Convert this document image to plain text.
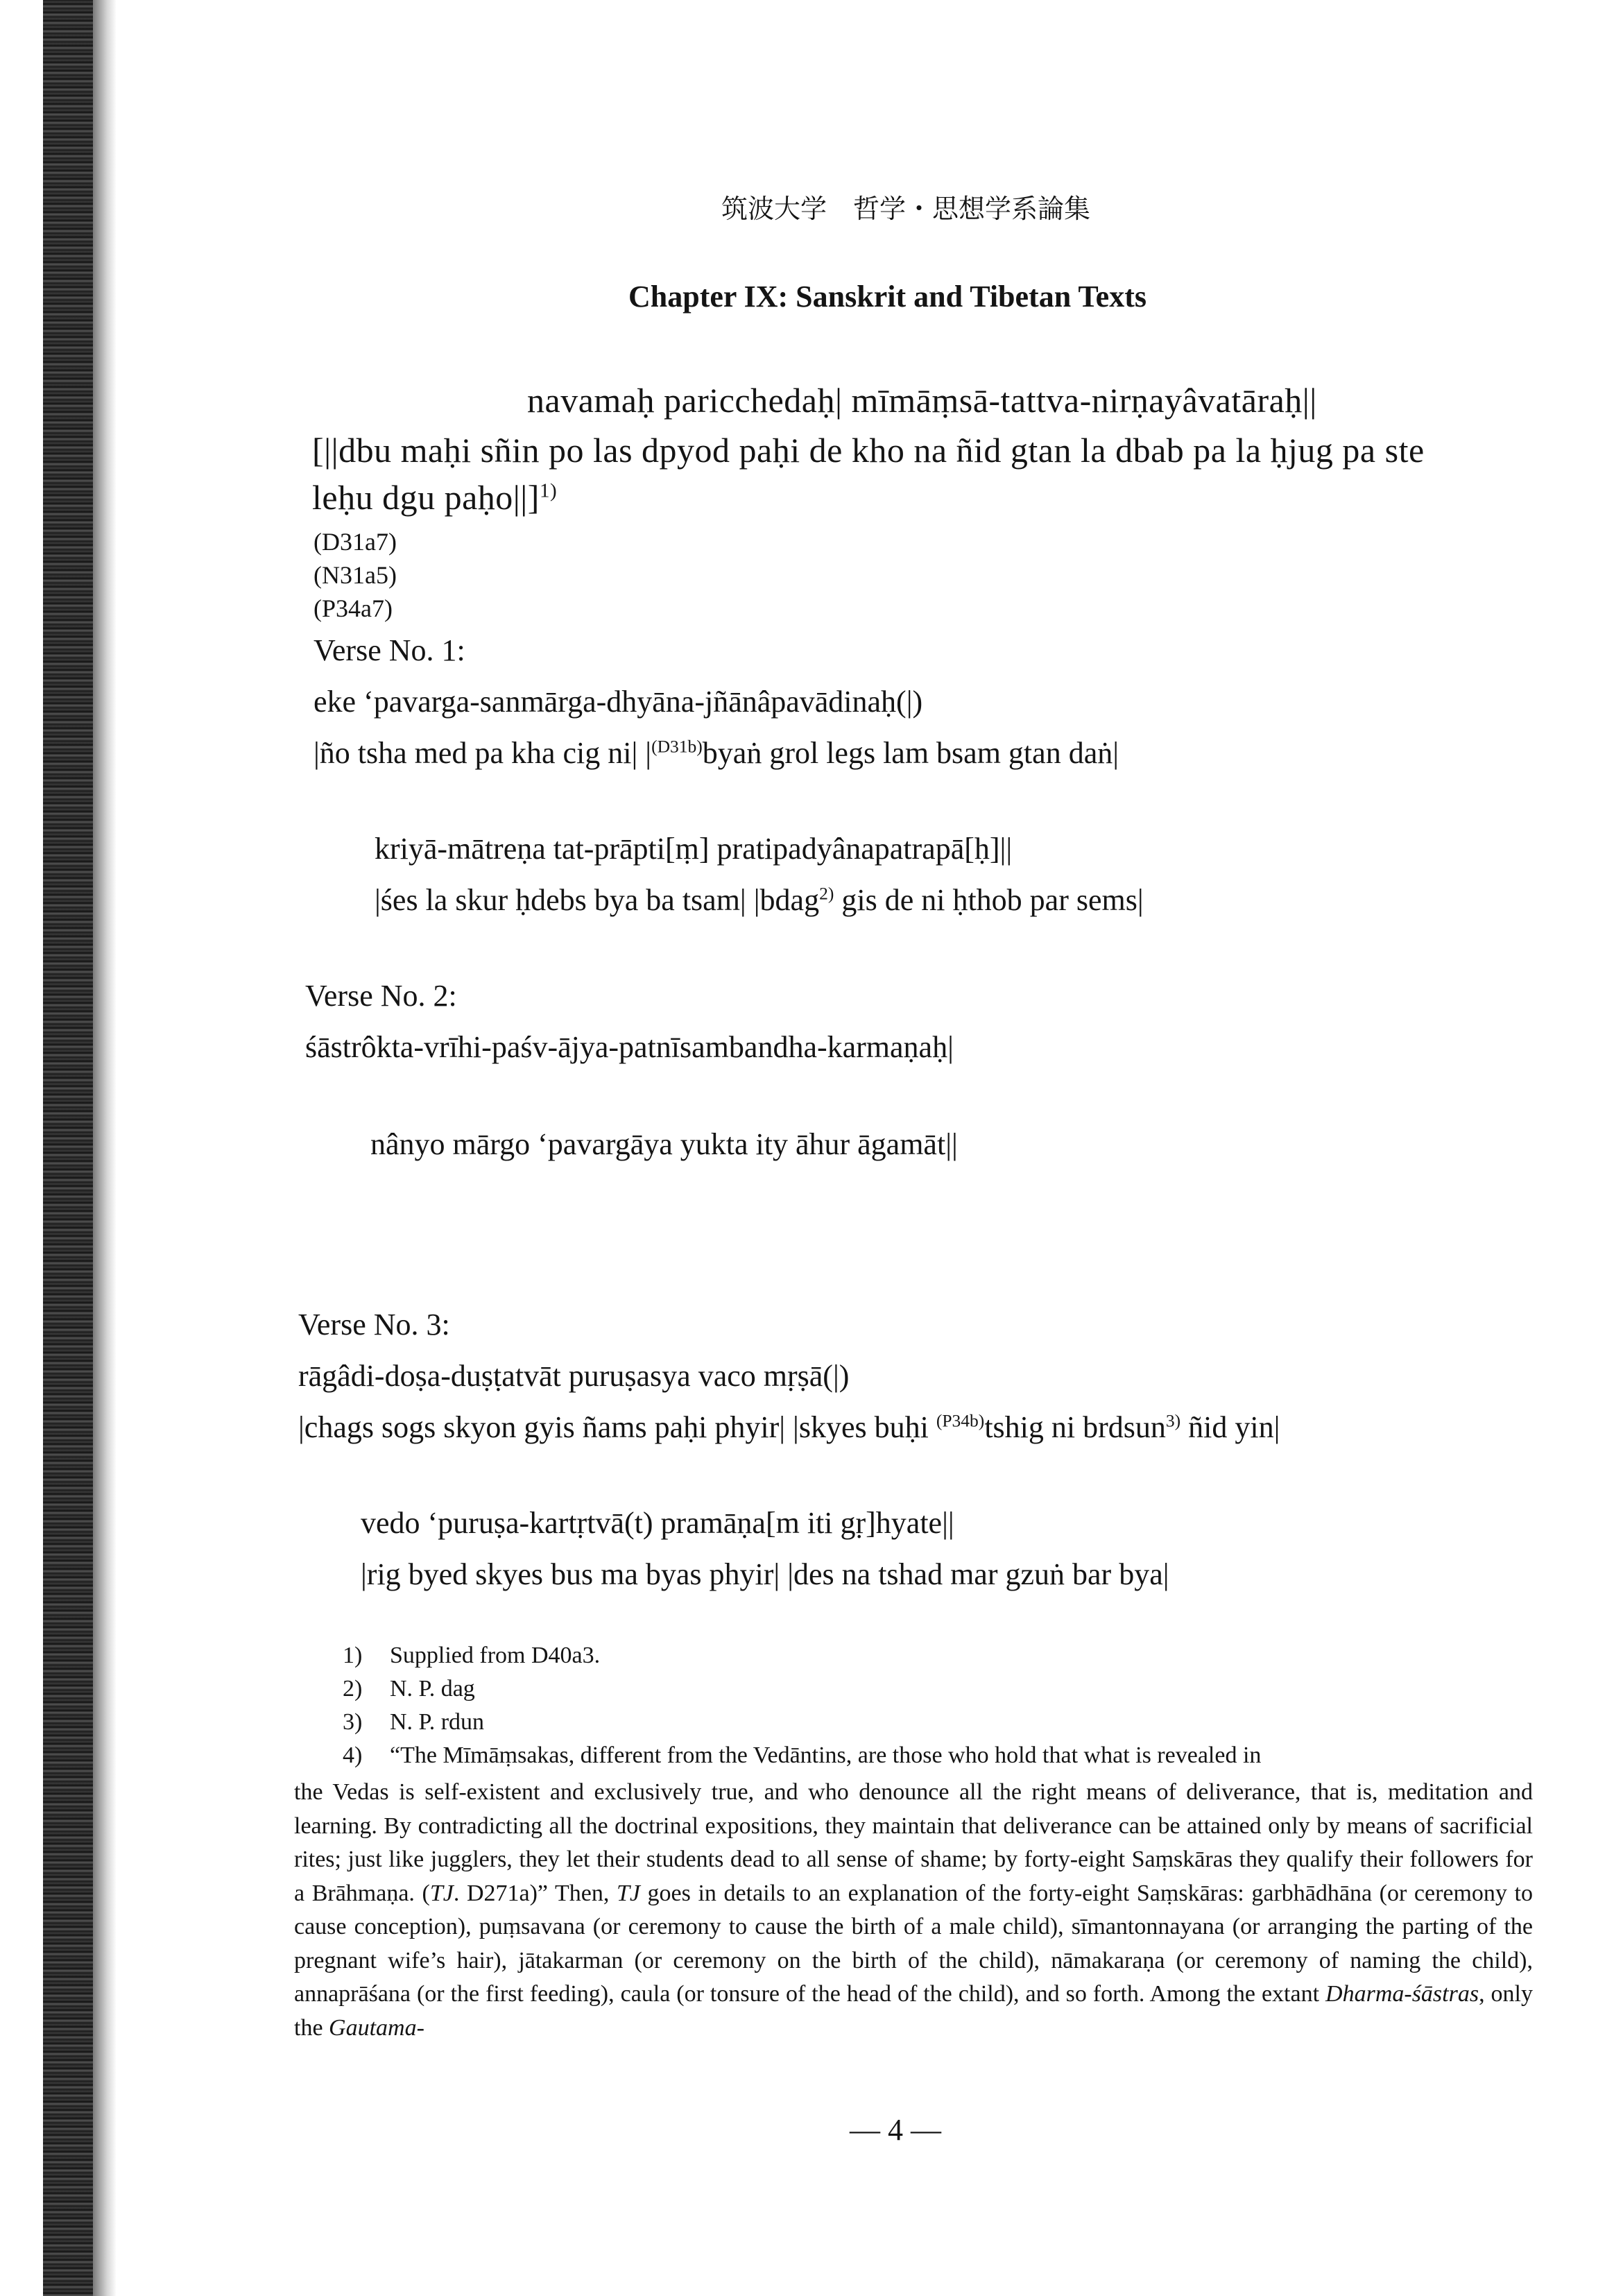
筑波大学　哲学・思想学系論集
Chapter IX: Sanskrit and Tibetan Texts
navamaḥ paricchedaḥ| mīmāṃsā-tattva-nirṇayâvatāraḥ||
[||dbu maḥi sñin po las dpyod paḥi de kho na ñid gtan la dbab pa la ḥjug pa ste
leḥu dgu paḥo||]$^{1)}$
(D31a7)
(N31a5)
(P34a7)
Verse No. 1:
eke ‘pavarga-sanmārga-dhyāna-jñānâpavādinaḥ(|)
|ño tsha med pa kha cig ni| $|^{(D31b)}byaṅ$ grol legs lam bsam gtan daṅ|
kriyā-mātreṇa tat-prāpti[ṃ] pratipadyânapatrapā[ḥ]||
|śes la skur ḥdebs bya ba tsam| |bdag$^{2)}$ gis de ni ḥthob par sems|
Verse No. 2:
śāstrôkta-vrīhi-paśv-ājya-patnīsambandha-karmaṇaḥ|
nânyo mārgo ‘pavargāya yukta ity āhur āgamāt||
Verse No. 3:
rāgâdi-doṣa-duṣṭatvāt puruṣasya vaco mṛṣā(|)
|chags sogs skyon gyis ñams paḥi phyir| |skyes buḥi $^{(P34b)}$tshig ni brdsun$^{3)}$ ñid yin|
vedo ‘puruṣa-kartṛtvā(t) pramāṇa[m iti gṛ]hyate||
|rig byed skyes bus ma byas phyir| |des na tshad mar gzuṅ bar bya|
1) Supplied from D40a3.
2) N. P. dag
3) N. P. rdun
4) “The Mīmāṃsakas, different from the Vedāntins, are those who hold that what is revealed in
the Vedas is self-existent and exclusively true, and who denounce all the right means of deliverance, that is, meditation and learning. By contradicting all the doctrinal expositions, they maintain that deliverance can be attained only by means of sacrificial rites; just like jugglers, they let their students dead to all sense of shame; by forty-eight Saṃskāras they qualify their followers for a Brāhmaṇa. (TJ. D271a)” Then, TJ goes in details to an explanation of the forty-eight Saṃskāras: garbhādhāna (or ceremony to cause conception), puṃsavana (or ceremony to cause the birth of a male child), sīmantonnayana (or arranging the parting of the pregnant wife’s hair), jātakarman (or ceremony on the birth of the child), nāmakaraṇa (or ceremony of naming the child), annaprāśana (or the first feeding), caula (or tonsure of the head of the child), and so forth. Among the extant Dharma-śāstras, only the Gautama-
— 4 —
